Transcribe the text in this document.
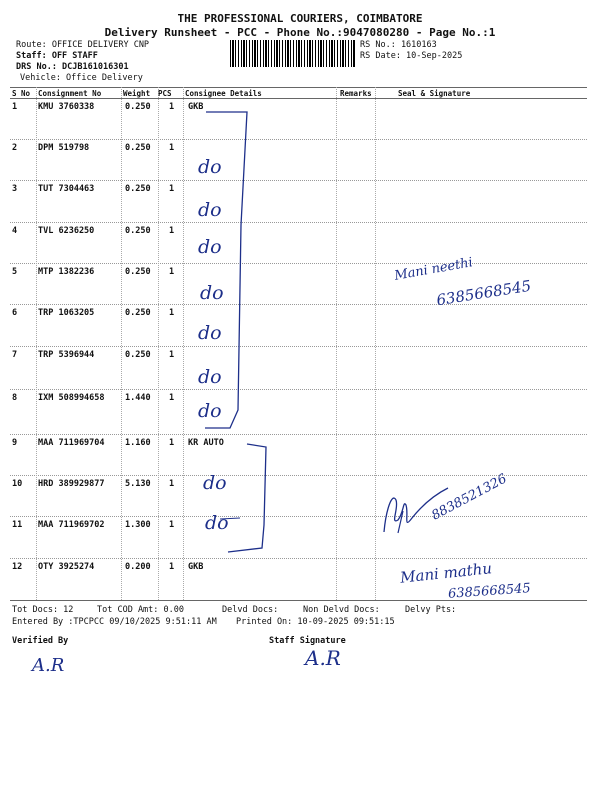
THE PROFESSIONAL COURIERS, COIMBATORE
Delivery Runsheet - PCC - Phone No.:9047080280 - Page No.:1
Route: OFFICE DELIVERY CNP
Staff: OFF STAFF
DRS No.: DCJB161016301
Vehicle: Office Delivery
RS No.: 1610163
RS Date: 10-Sep-2025
S No Consignment No	Weight PCS Consignee Details	Remarks	Seal & Signature
1 KMU 3760338	0.250 1 GKB
2 DPM 519798	0.250 1
3 TUT 7304463	0.250 1
4 TVL 6236250	0.250 1
5 MTP 1382236	0.250 1
6 TRP 1063205	0.250 1
7 TRP 5396944	0.250 1
8 IXM 508994658 1.440 1
9 MAA 711969704 1.160 1 KR AUTO
10 HRD 389929877 5.130 1
11 MAA 711969702 1.300 1
12 OTY 3925274	0.200 1 GKB
do
do
do
do
do
do
do
do
do
Mani neethi
6385668545
8838521326
Mani mathu
6385668545
Tot Docs: 12	Tot COD Amt: 0.00	Delvd Docs:	Non Delvd Docs:	Delvy Pts:
Entered By :TPCPCC 09/10/2025 9:51:11 AM Printed On: 10-09-2025 09:51:15
Verified By	Staff Signature
A.R	A.R
